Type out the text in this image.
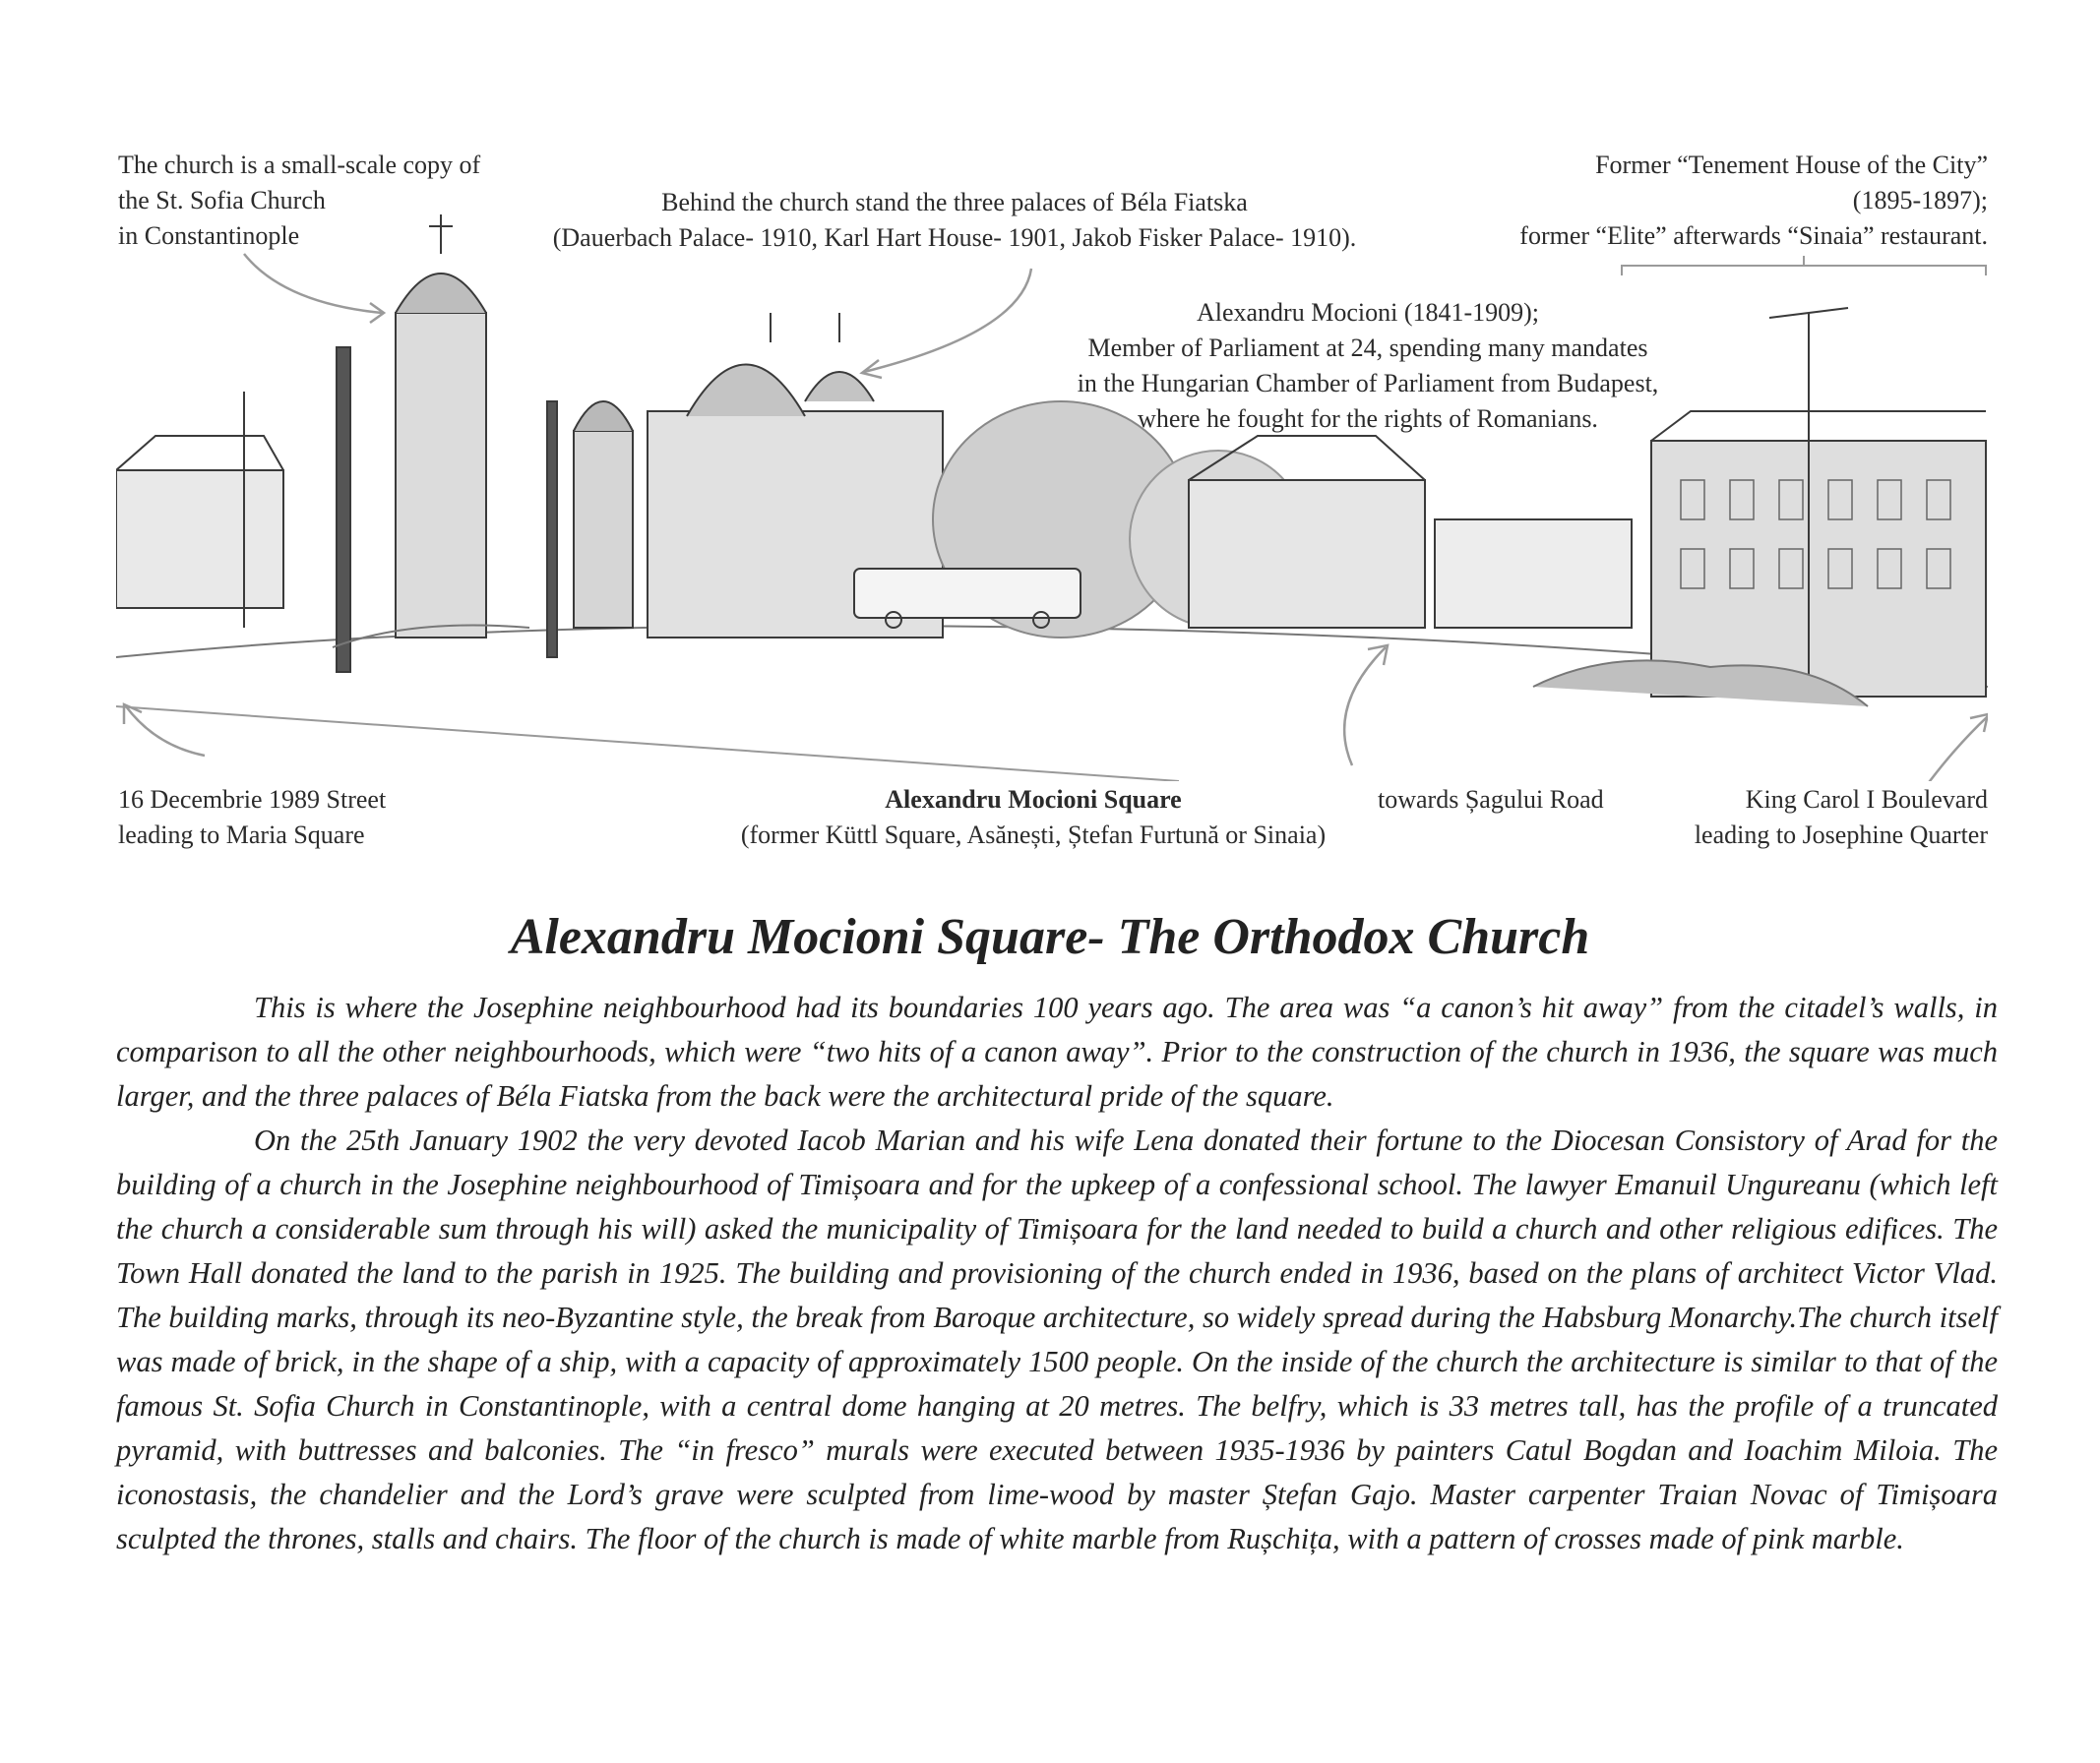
The church is a small-scale copy of
the St. Sofia Church
in Constantinople
Behind the church stand the three palaces of Béla Fiatska
(Dauerbach Palace- 1910, Karl Hart House- 1901, Jakob Fisker Palace- 1910).
Former “Tenement House of the City”
(1895-1897);
former “Elite” afterwards “Sinaia” restaurant.
Alexandru Mocioni (1841-1909);
Member of Parliament at 24, spending many mandates
in the Hungarian Chamber of Parliament from Budapest,
where he fought for the rights of Romanians.
16 Decembrie 1989 Street
leading to Maria Square
Alexandru Mocioni Square
(former Küttl Square, Asănești, Ștefan Furtună or Sinaia)
towards Șagului Road	King Carol I Boulevard
leading to Josephine Quarter
Alexandru Mocioni Square- The Orthodox Church

This is where the Josephine neighbourhood had its boundaries 100 years ago. The area was “a canon’s hit away” from the citadel’s walls, in comparison to all the other neighbourhoods, which were “two hits of a canon away”. Prior to the construction of the church in 1936, the square was much larger, and the three palaces of Béla Fiatska from the back were the architectural pride of the square.

On the 25th January 1902 the very devoted Iacob Marian and his wife Lena donated their fortune to the Diocesan Consistory of Arad for the building of a church in the Josephine neighbourhood of Timișoara and for the upkeep of a confessional school. The lawyer Emanuil Ungureanu (which left the church a considerable sum through his will) asked the municipality of Timișoara for the land needed to build a church and other religious edifices. The Town Hall donated the land to the parish in 1925. The building and provisioning of the church ended in 1936, based on the plans of architect Victor Vlad. The building marks, through its neo-Byzantine style, the break from Baroque architecture, so widely spread during the Habsburg Monarchy.The church itself was made of brick, in the shape of a ship, with a capacity of approximately 1500 people. On the inside of the church the architecture is similar to that of the famous St. Sofia Church in Constantinople, with a central dome hanging at 20 metres. The belfry, which is 33 metres tall, has the profile of a truncated pyramid, with buttresses and balconies. The “in fresco” murals were executed between 1935-1936 by painters Catul Bogdan and Ioachim Miloia. The iconostasis, the chandelier and the Lord’s grave were sculpted from lime-wood by master Ștefan Gajo. Master carpenter Traian Novac of Timișoara sculpted the thrones, stalls and chairs. The floor of the church is made of white marble from Rușchița, with a pattern of crosses made of pink marble.
